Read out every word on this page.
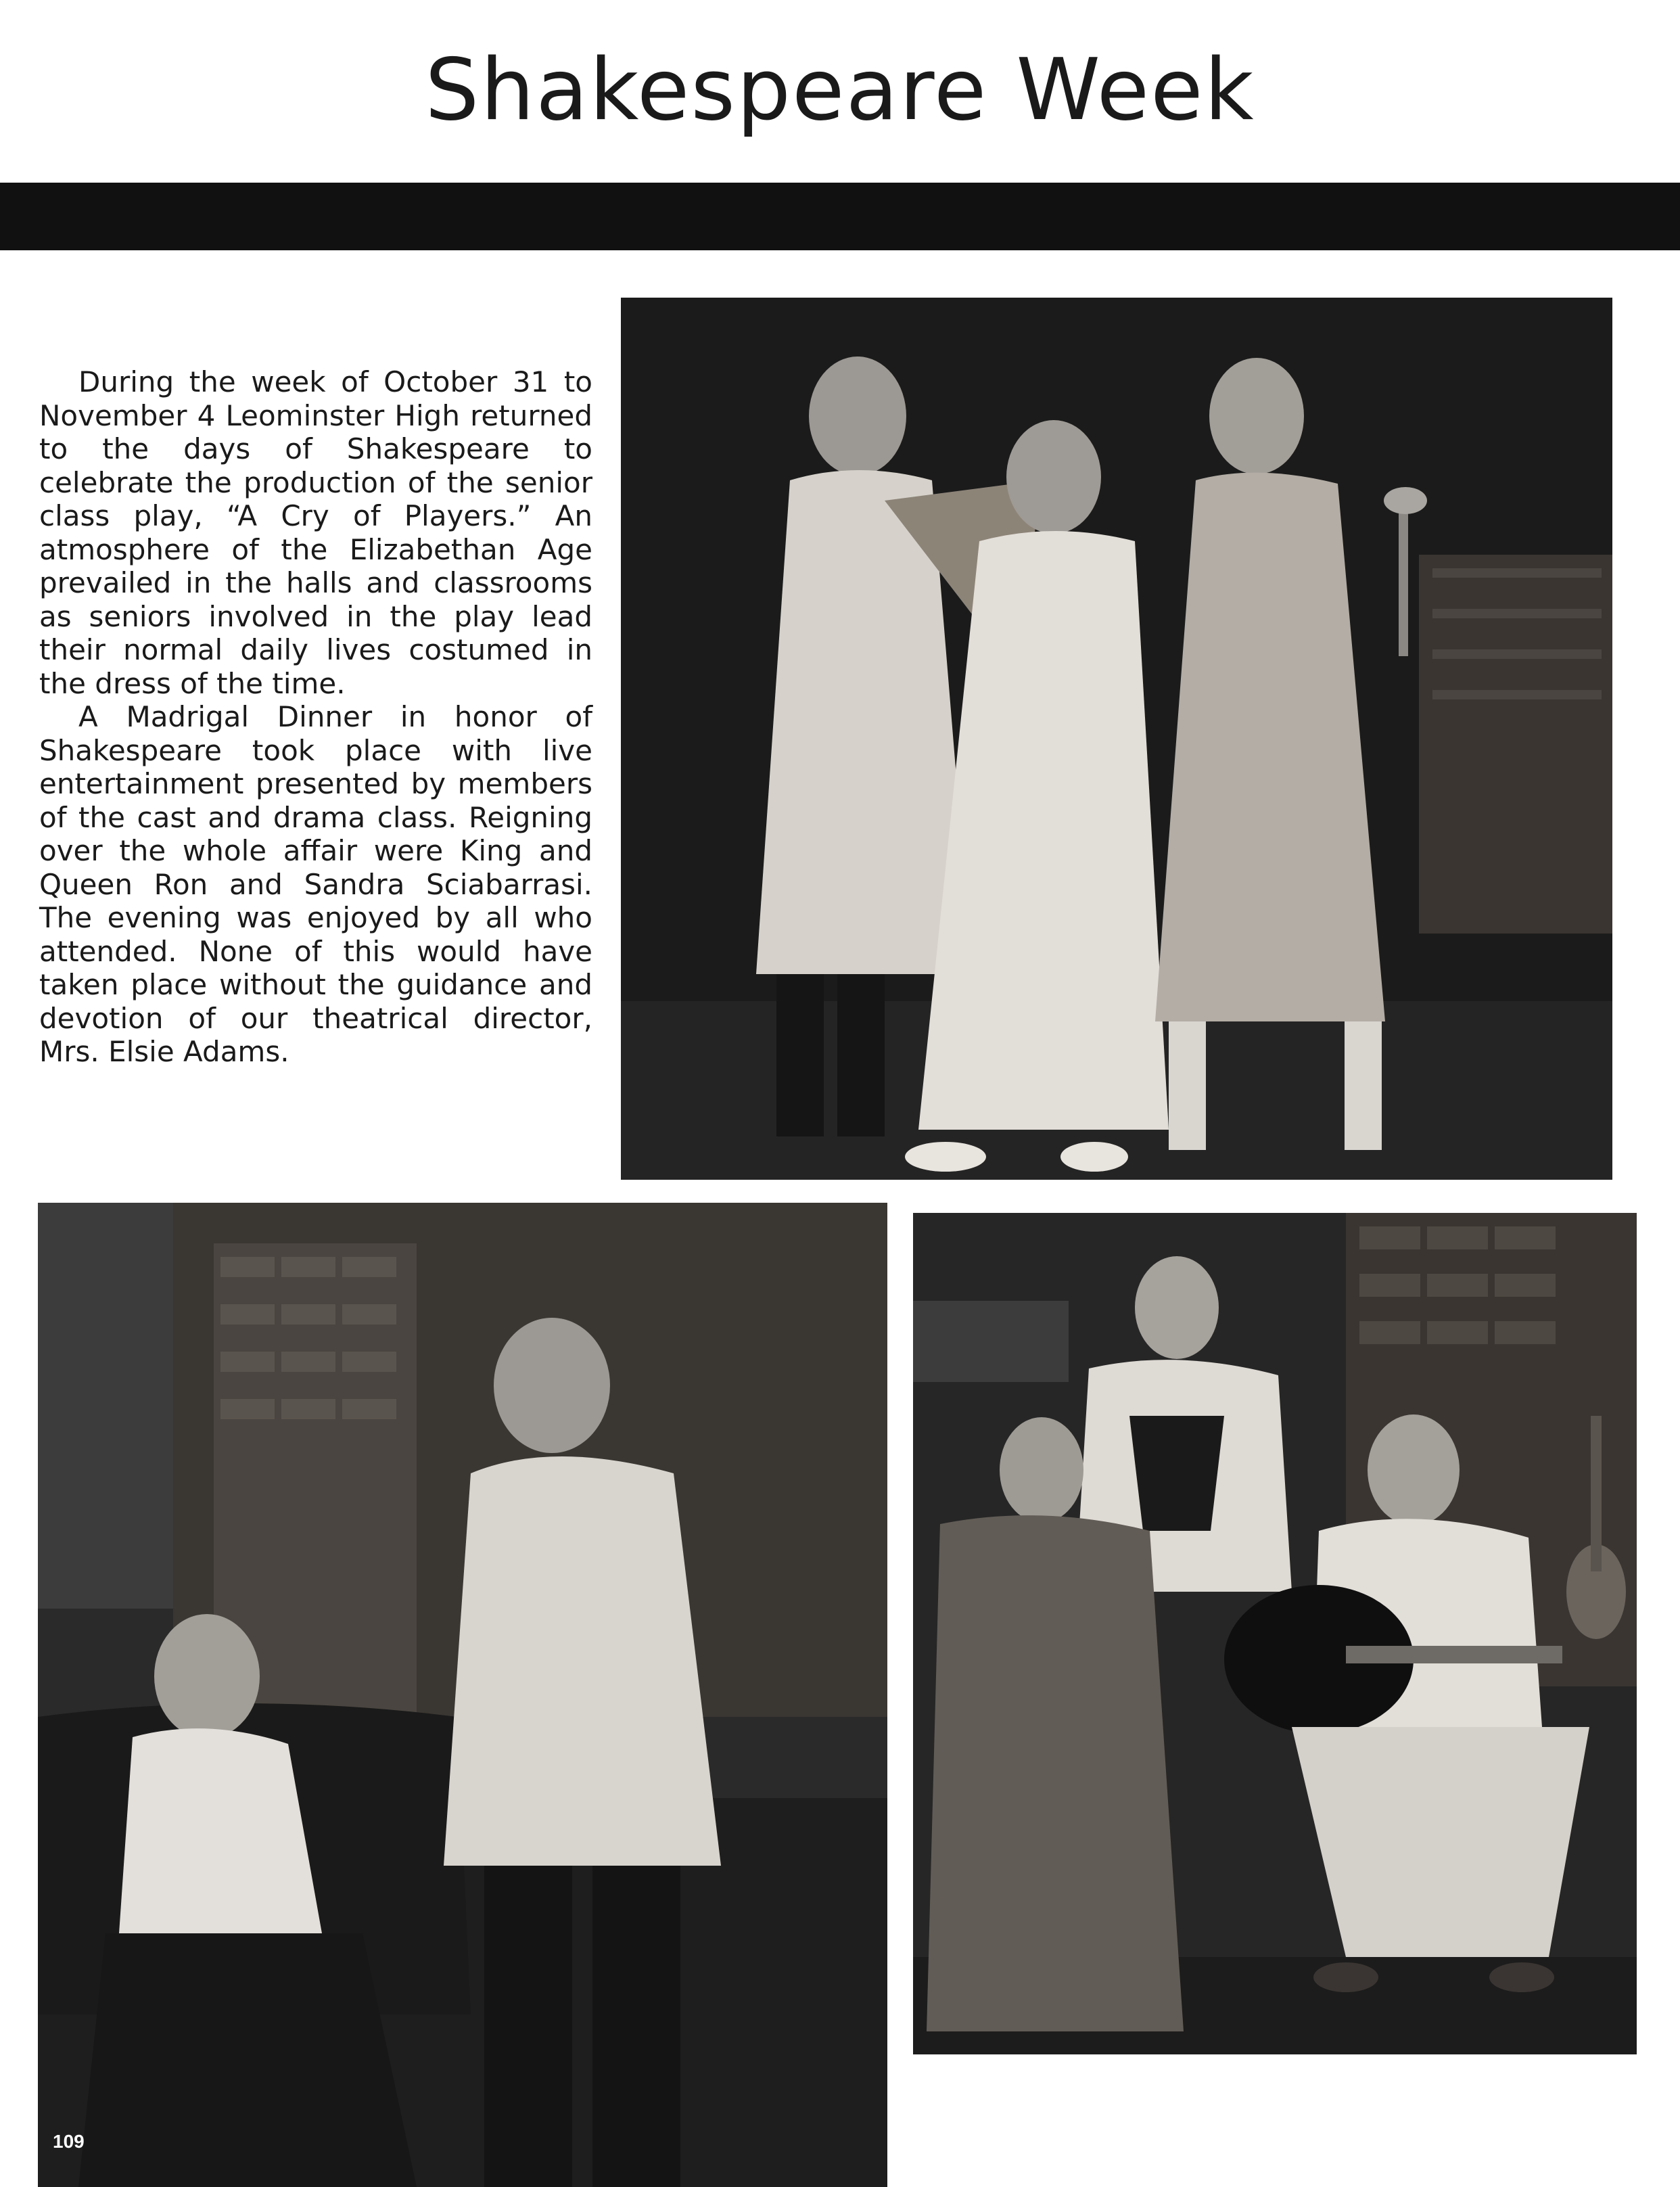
Shakespeare Week

During the week of October 31 to November 4 Leominster High returned to the days of Shakespeare to celebrate the production of the senior class play, “A Cry of Players.” An atmosphere of the Elizabethan Age prevailed in the halls and classrooms as seniors involved in the play lead their normal daily lives costumed in the dress of the time.

A Madrigal Dinner in honor of Shakespeare took place with live entertainment presented by members of the cast and drama class. Reigning over the whole affair were King and Queen Ron and Sandra Sciabarrasi. The evening was enjoyed by all who attended. None of this would have taken place without the guidance and devotion of our theatrical director, Mrs. Elsie Adams.

109
